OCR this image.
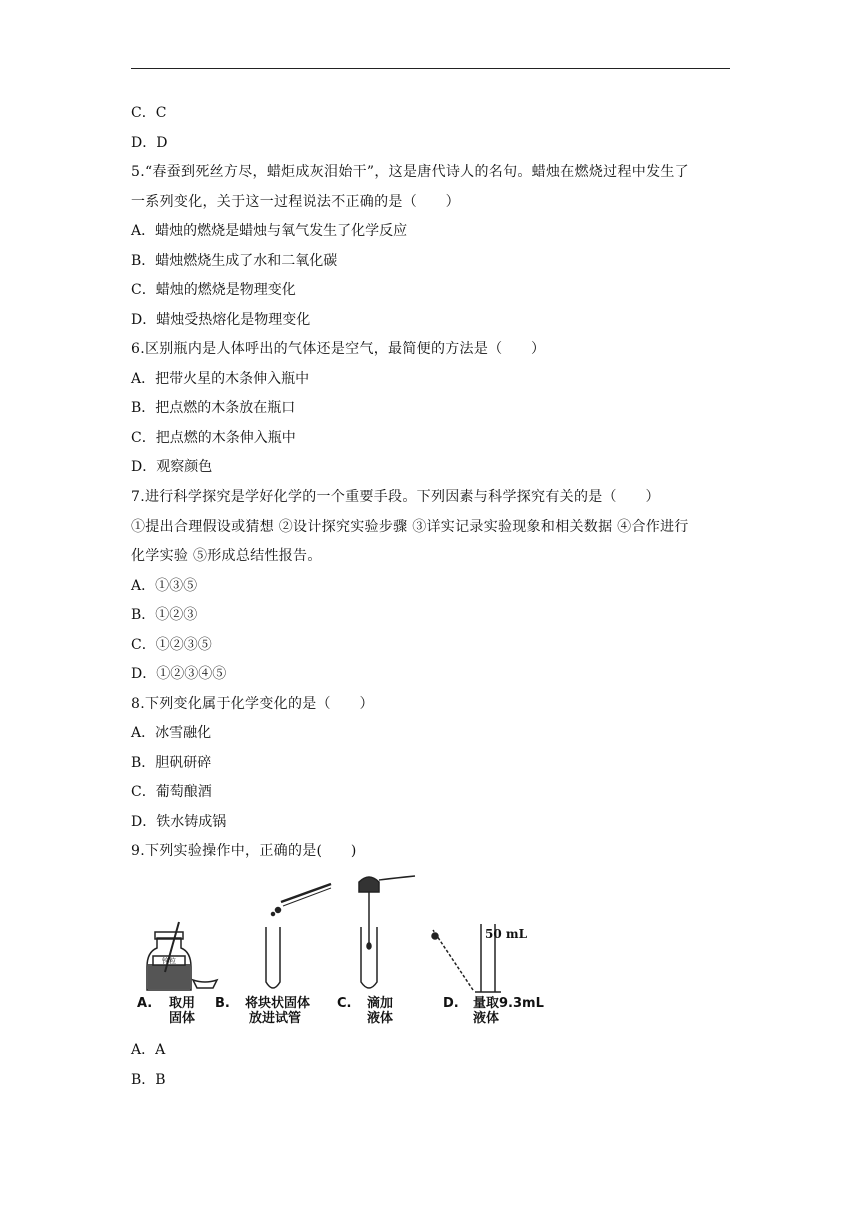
C．C
D．D
5.“春蚕到死丝方尽，蜡炬成灰泪始干”，这是唐代诗人的名句。蜡烛在燃烧过程中发生了
一系列变化，关于这一过程说法不正确的是（　　）
A．蜡烛的燃烧是蜡烛与氧气发生了化学反应
B．蜡烛燃烧生成了水和二氧化碳
C．蜡烛的燃烧是物理变化
D．蜡烛受热熔化是物理变化
6.区别瓶内是人体呼出的气体还是空气，最简便的方法是（　　）
A．把带火星的木条伸入瓶中
B．把点燃的木条放在瓶口
C．把点燃的木条伸入瓶中
D．观察颜色
7.进行科学探究是学好化学的一个重要手段。下列因素与科学探究有关的是（　　）
①提出合理假设或猜想 ②设计探究实验步骤 ③详实记录实验现象和相关数据 ④合作进行
化学实验 ⑤形成总结性报告。
A．①③⑤
B．①②③
C．①②③⑤
D．①②③④⑤
8.下列变化属于化学变化的是（　　）
A．冰雪融化
B．胆矾研碎
C．葡萄酿酒
D．铁水铸成锅
9.下列实验操作中，正确的是(　　)
A．A
B．B
锌粒
50 mL
A. 取用
固体
B. 将块状固体
放进试管
C. 滴加
液体
D. 量取9.3mL
液体
